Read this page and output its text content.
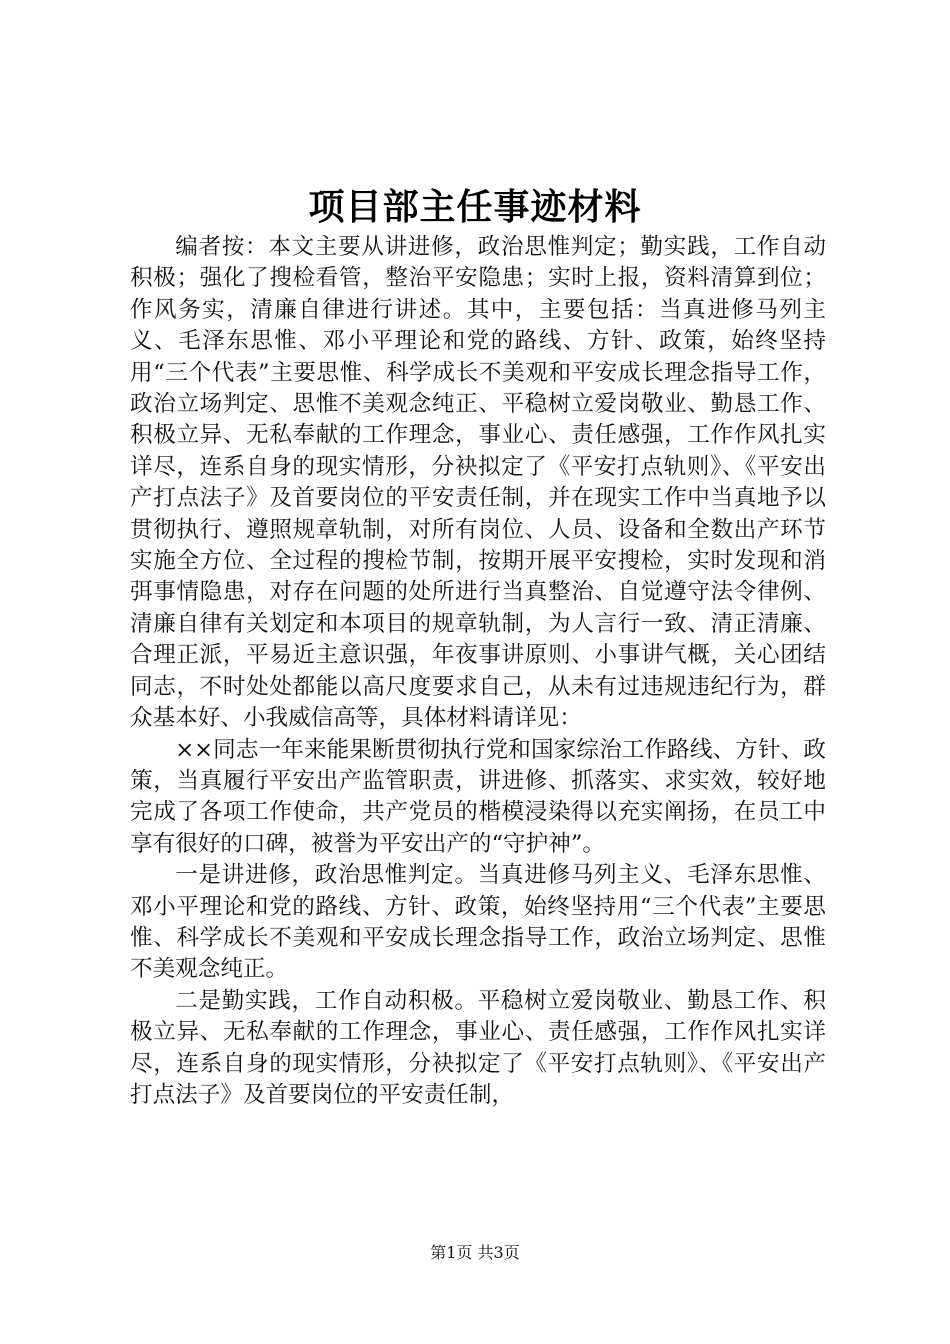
项目部主任事迹材料

编者按：本文主要从讲进修，政治思惟判定；勤实践，工作自动积极；强化了搜检看管，整治平安隐患；实时上报，资料清算到位；作风务实，清廉自律进行讲述。其中，主要包括：当真进修马列主义、毛泽东思惟、邓小平理论和党的路线、方针、政策，始终坚持用“三个代表”主要思惟、科学成长不美观和平安成长理念指导工作，政治立场判定、思惟不美观念纯正、平稳树立爱岗敬业、勤恳工作、积极立异、无私奉献的工作理念，事业心、责任感强，工作作风扎实详尽，连系自身的现实情形，分袂拟定了《平安打点轨则》、《平安出产打点法子》及首要岗位的平安责任制，并在现实工作中当真地予以贯彻执行、遵照规章轨制，对所有岗位、人员、设备和全数出产环节实施全方位、全过程的搜检节制，按期开展平安搜检，实时发现和消弭事情隐患，对存在问题的处所进行当真整治、自觉遵守法令律例、清廉自律有关划定和本项目的规章轨制，为人言行一致、清正清廉、合理正派，平易近主意识强，年夜事讲原则、小事讲气概，关心团结同志，不时处处都能以高尺度要求自己，从未有过违规违纪行为，群众基本好、小我威信高等，具体材料请详见：

××同志一年来能果断贯彻执行党和国家综治工作路线、方针、政策，当真履行平安出产监管职责，讲进修、抓落实、求实效，较好地完成了各项工作使命，共产党员的楷模浸染得以充实阐扬，在员工中享有很好的口碑，被誉为平安出产的“守护神”。

一是讲进修，政治思惟判定。当真进修马列主义、毛泽东思惟、邓小平理论和党的路线、方针、政策，始终坚持用“三个代表”主要思惟、科学成长不美观和平安成长理念指导工作，政治立场判定、思惟不美观念纯正。

二是勤实践，工作自动积极。平稳树立爱岗敬业、勤恳工作、积极立异、无私奉献的工作理念，事业心、责任感强，工作作风扎实详尽，连系自身的现实情形，分袂拟定了《平安打点轨则》、《平安出产打点法子》及首要岗位的平安责任制，

第1页 共3页
